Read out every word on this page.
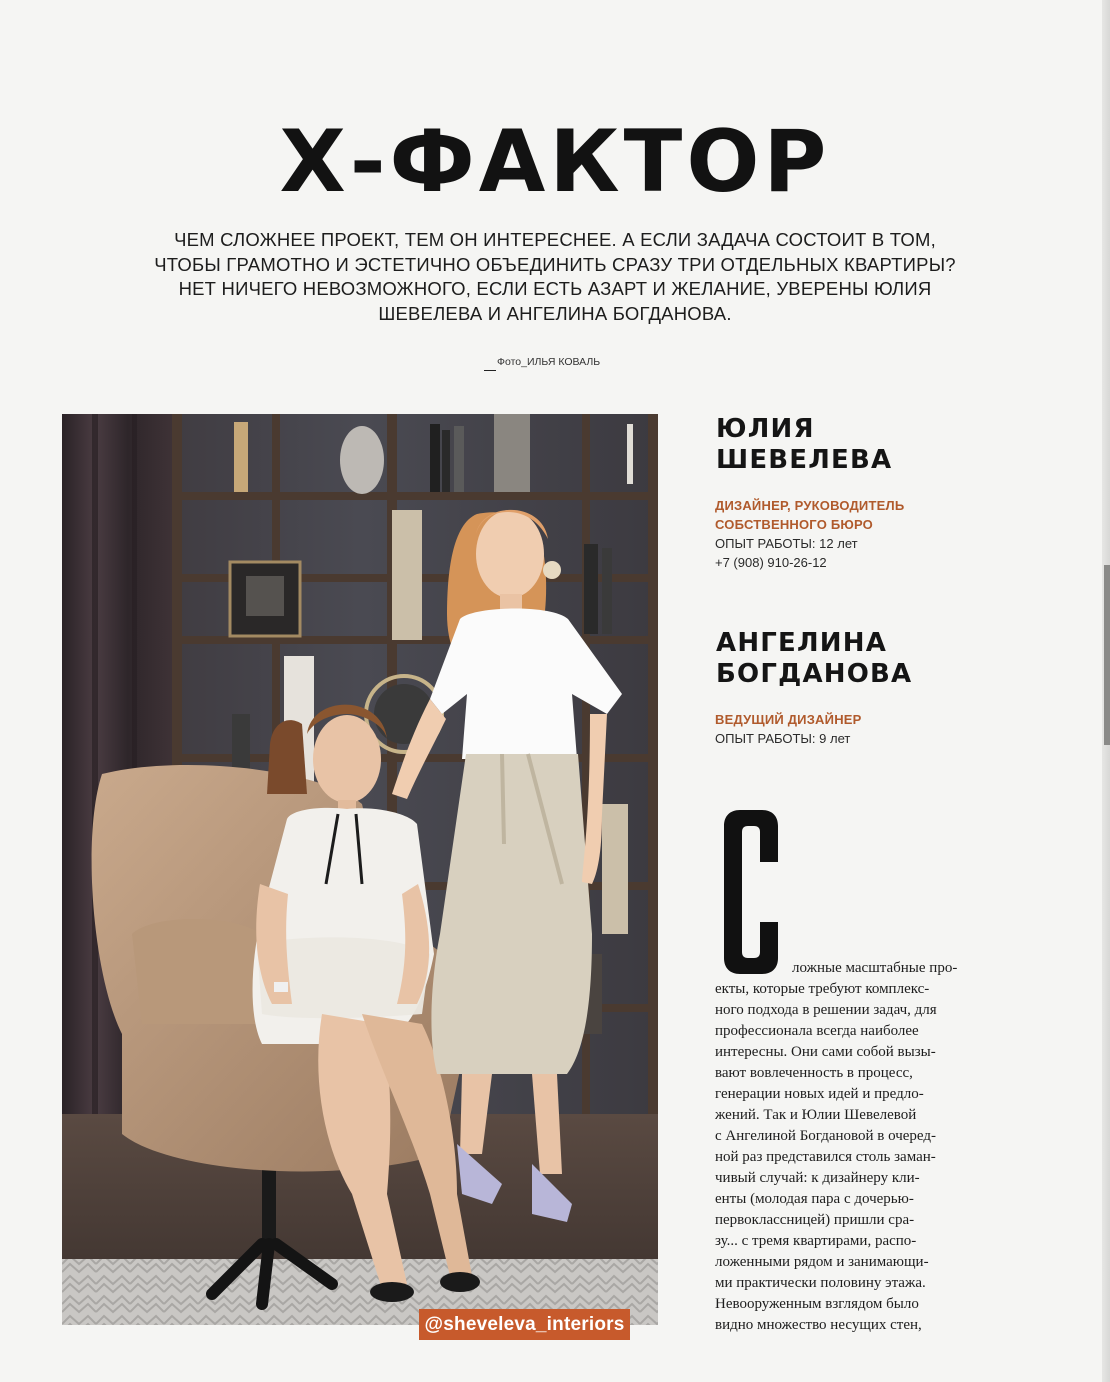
Х-ФАКТОР
ЧЕМ СЛОЖНЕЕ ПРОЕКТ, ТЕМ ОН ИНТЕРЕСНЕЕ. А ЕСЛИ ЗАДАЧА СОСТОИТ В ТОМ,
ЧТОБЫ ГРАМОТНО И ЭСТЕТИЧНО ОБЪЕДИНИТЬ СРАЗУ ТРИ ОТДЕЛЬНЫХ КВАРТИРЫ?
НЕТ НИЧЕГО НЕВОЗМОЖНОГО, ЕСЛИ ЕСТЬ АЗАРТ И ЖЕЛАНИЕ, УВЕРЕНЫ ЮЛИЯ
ШЕВЕЛЕВА И АНГЕЛИНА БОГДАНОВА.
Фото_ИЛЬЯ КОВАЛЬ
@sheveleva_interiors
ЮЛИЯ
ШЕВЕЛЕВА
ДИЗАЙНЕР, РУКОВОДИТЕЛЬ
СОБСТВЕННОГО БЮРО
ОПЫТ РАБОТЫ: 12 лет
+7 (908) 910-26-12
АНГЕЛИНА
БОГДАНОВА
ВЕДУЩИЙ ДИЗАЙНЕР
ОПЫТ РАБОТЫ: 9 лет
ложные масштабные про-
екты, которые требуют комплекс-
ного подхода в решении задач, для
профессионала всегда наиболее
интересны. Они сами собой вызы-
вают вовлеченность в процесс,
генерации новых идей и предло-
жений. Так и Юлии Шевелевой
с Ангелиной Богдановой в очеред-
ной раз представился столь заман-
чивый случай: к дизайнеру кли-
енты (молодая пара с дочерью-
первоклассницей) пришли сра-
зу... с тремя квартирами, распо-
ложенными рядом и занимающи-
ми практически половину этажа.
Невооруженным взглядом было
видно множество несущих стен,
